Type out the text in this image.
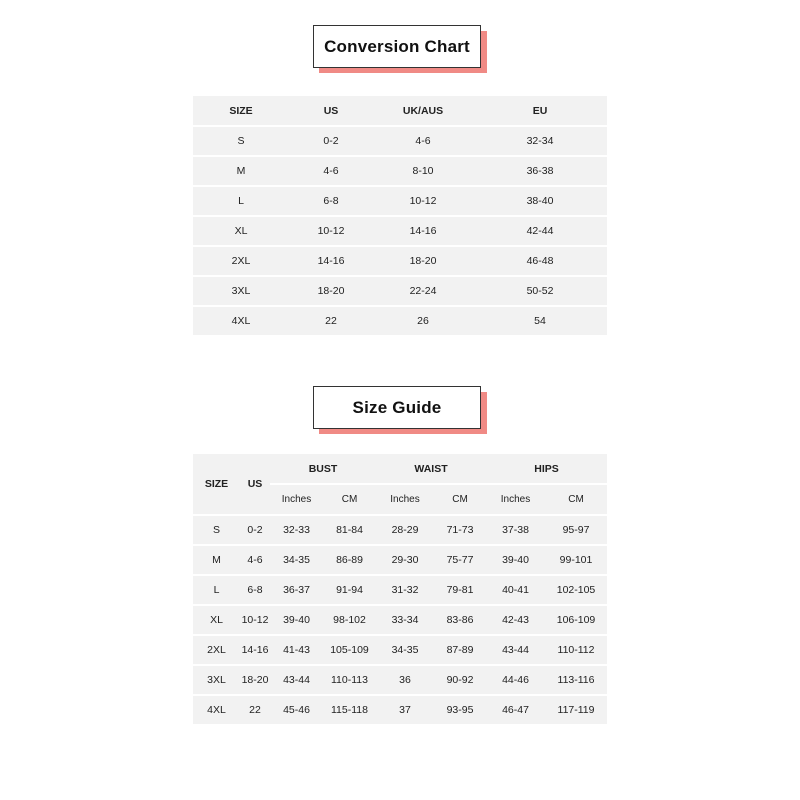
Conversion Chart
SIZE	US	UK/AUS	EU
S	0-2	4-6	32-34
M	4-6	8-10	36-38
L	6-8	10-12	38-40
XL	10-12	14-16	42-44
2XL	14-16	18-20	46-48
3XL	18-20	22-24	50-52
4XL	22	26	54
Size Guide
SIZE	US	BUST		WAIST		HIPS	
		Inches	CM	Inches	CM	Inches	CM
S	0-2	32-33	81-84	28-29	71-73	37-38	95-97
M	4-6	34-35	86-89	29-30	75-77	39-40	99-101
L	6-8	36-37	91-94	31-32	79-81	40-41	102-105
XL	10-12	39-40	98-102	33-34	83-86	42-43	106-109
2XL	14-16	41-43	105-109	34-35	87-89	43-44	110-112
3XL	18-20	43-44	110-113	36	90-92	44-46	113-116
4XL	22	45-46	115-118	37	93-95	46-47	117-119
